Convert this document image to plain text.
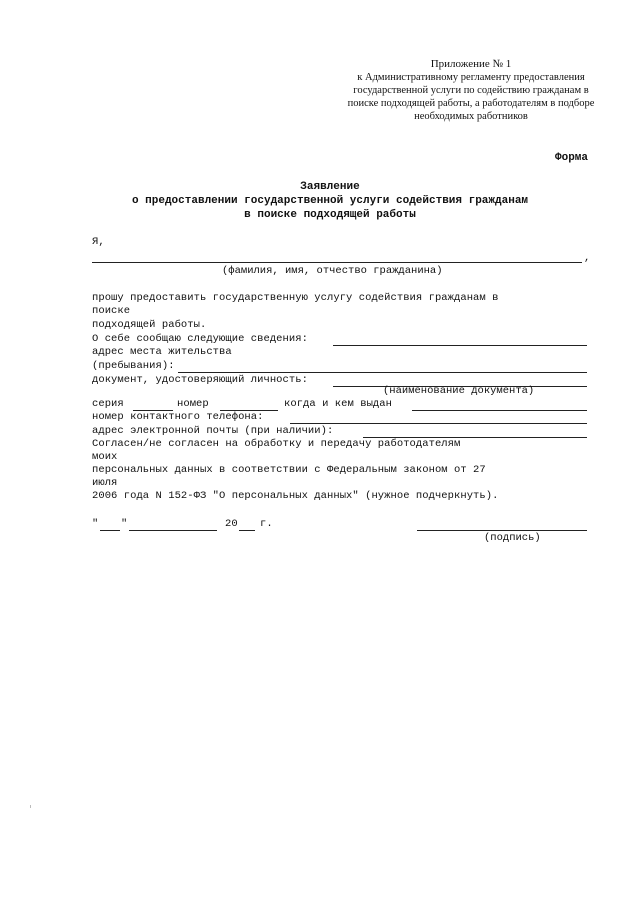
Приложение № 1
к Административному регламенту предоставления
государственной услуги по содействию гражданам в
поиске подходящей работы, а работодателям в подборе
необходимых работников
Форма
Заявление
о предоставлении государственной услуги содействия гражданам
в поиске подходящей работы
Я,
,
(фамилия, имя, отчество гражданина)
прошу предоставить государственную услугу содействия гражданам в
поиске
подходящей работы.
О себе сообщаю следующие сведения:
адрес места жительства
(пребывания):
документ, удостоверяющий личность:
(наименование документа)
серия	номер	когда и кем выдан
номер контактного телефона:
адрес электронной почты (при наличии):
Согласен/не согласен на обработку и передачу работодателям
моих
персональных данных в соответствии с Федеральным законом от 27
июля
2006 года N 152-ФЗ "О персональных данных" (нужное подчеркнуть).
" "	20 г.
(подпись)
